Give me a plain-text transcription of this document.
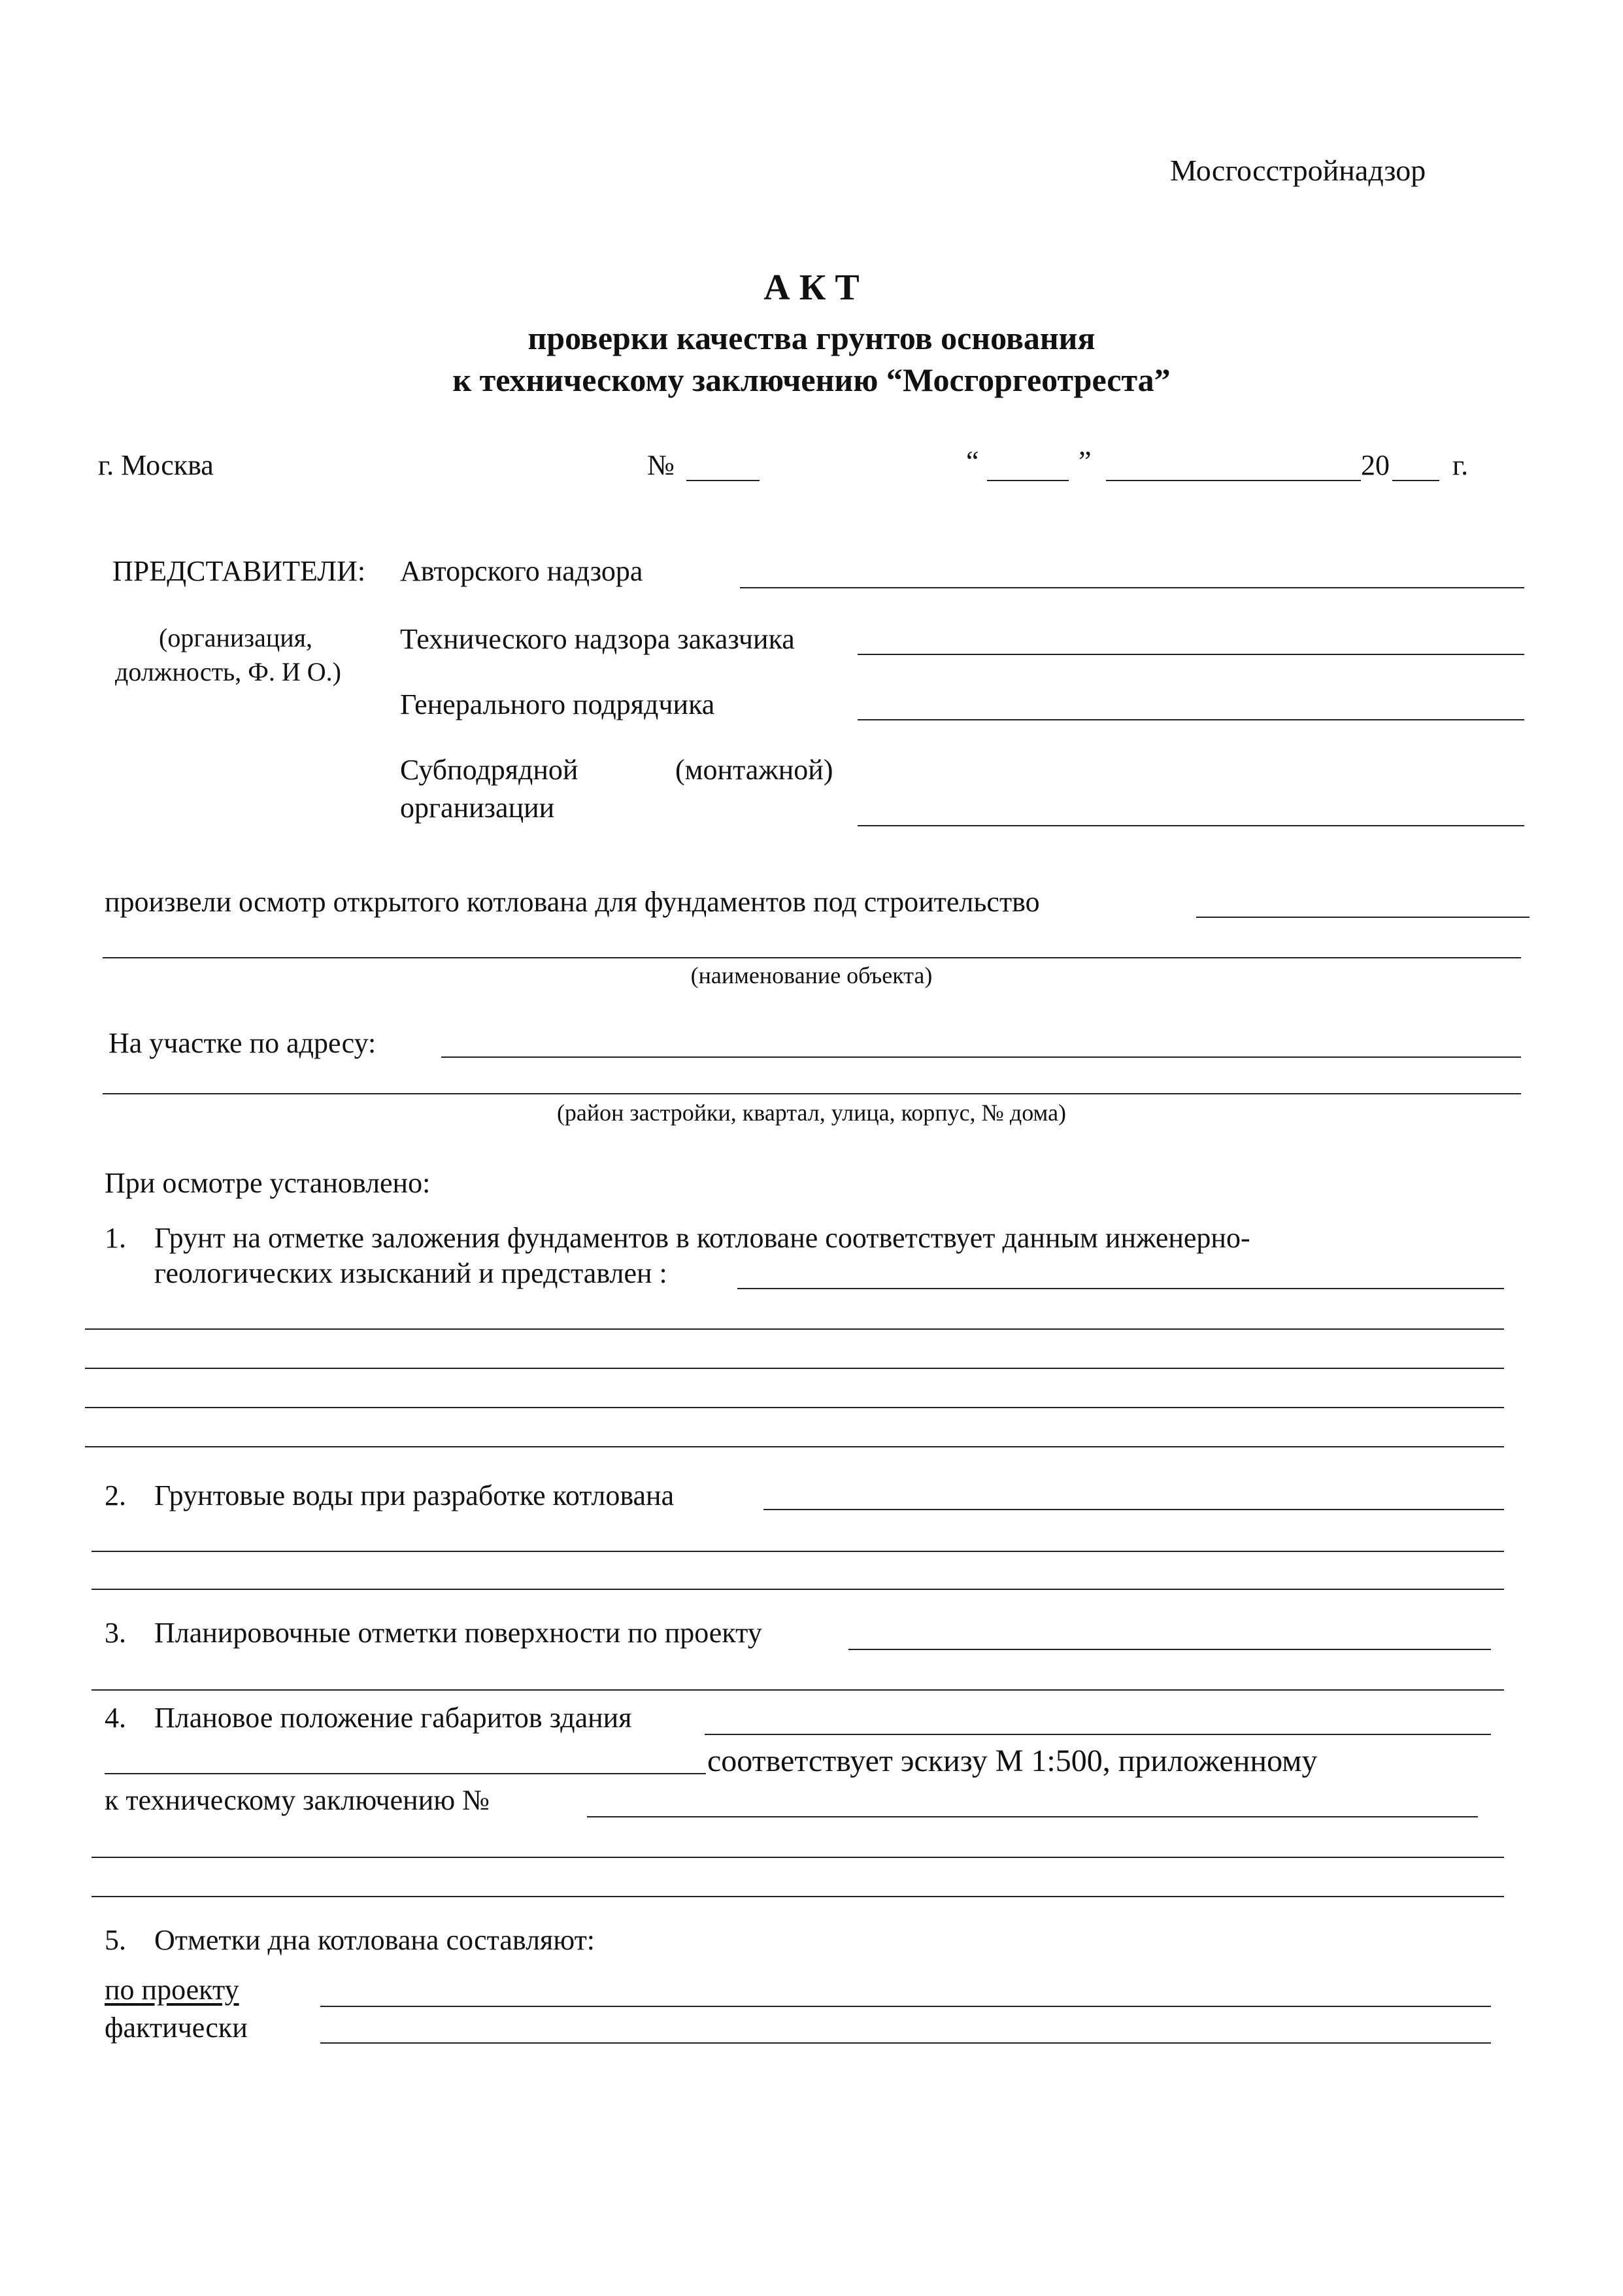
Мосгосстройнадзор
А К Т
проверки качества грунтов основания
к техническому заключению “Мосгоргеотреста”
г. Москва	№	“	”	20 г.
ПРЕДСТАВИТЕЛИ:
(организация,
должность, Ф. И О.)
Авторского надзора
Технического надзора заказчика
Генерального подрядчика
Субподрядной	(монтажной)
организации
произвели осмотр открытого котлована для фундаментов под строительство
(наименование объекта)
На участке по адресу:
(район застройки, квартал, улица, корпус, № дома)
При осмотре установлено:
1. Грунт на отметке заложения фундаментов в котловане соответствует данным инженерно-
геологических изысканий и представлен :
2. Грунтовые воды при разработке котлована
3. Планировочные отметки поверхности по проекту
4. Плановое положение габаритов здания
соответствует эскизу М 1:500, приложенному
к техническому заключению №
5. Отметки дна котлована составляют:
по проекту
фактически
